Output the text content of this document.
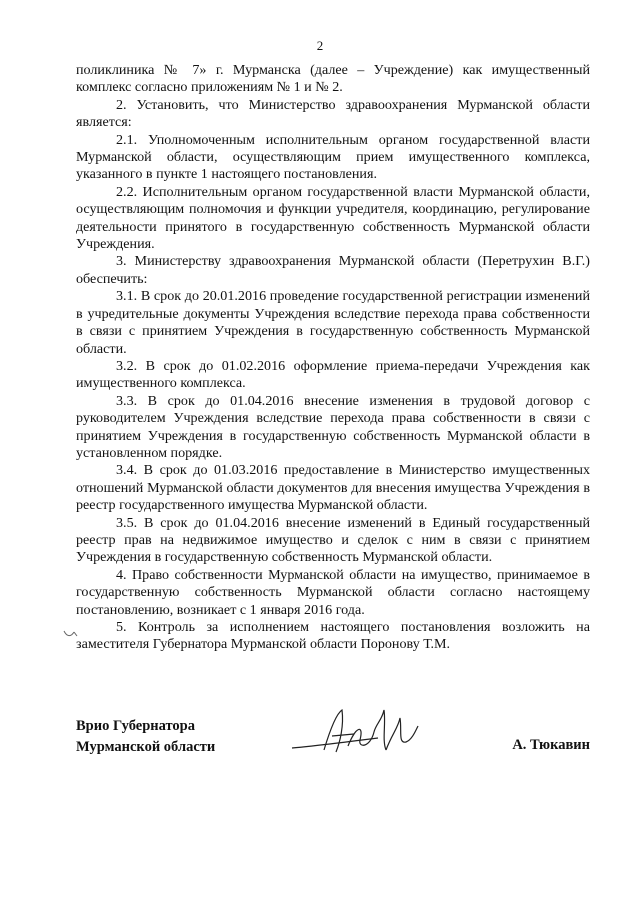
2

поликлиника № 7» г. Мурманска (далее – Учреждение) как имущественный комплекс согласно приложениям № 1 и № 2.

2. Установить, что Министерство здравоохранения Мурманской области является:

2.1. Уполномоченным исполнительным органом государственной власти Мурманской области, осуществляющим прием имущественного комплекса, указанного в пункте 1 настоящего постановления.

2.2. Исполнительным органом государственной власти Мурманской области, осуществляющим полномочия и функции учредителя, координацию, регулирование деятельности принятого в государственную собственность Мурманской области Учреждения.

3. Министерству здравоохранения Мурманской области (Перетрухин В.Г.) обеспечить:

3.1. В срок до 20.01.2016 проведение государственной регистрации изменений в учредительные документы Учреждения вследствие перехода права собственности в связи с принятием Учреждения в государственную собственность Мурманской области.

3.2. В срок до 01.02.2016 оформление приема-передачи Учреждения как имущественного комплекса.

3.3. В срок до 01.04.2016 внесение изменения в трудовой договор с руководителем Учреждения вследствие перехода права собственности в связи с принятием Учреждения в государственную собственность Мурманской области в установленном порядке.

3.4. В срок до 01.03.2016 предоставление в Министерство имущественных отношений Мурманской области документов для внесения имущества Учреждения в реестр государственного имущества Мурманской области.

3.5. В срок до 01.04.2016 внесение изменений в Единый государственный реестр прав на недвижимое имущество и сделок с ним в связи с принятием Учреждения в государственную собственность Мурманской области.

4. Право собственности Мурманской области на имущество, принимаемое в государственную собственность Мурманской области согласно настоящему постановлению, возникает с 1 января 2016 года.

5. Контроль за исполнением настоящего постановления возложить на заместителя Губернатора Мурманской области Поронову Т.М.

Врио Губернатора
Мурманской области	А. Тюкавин
